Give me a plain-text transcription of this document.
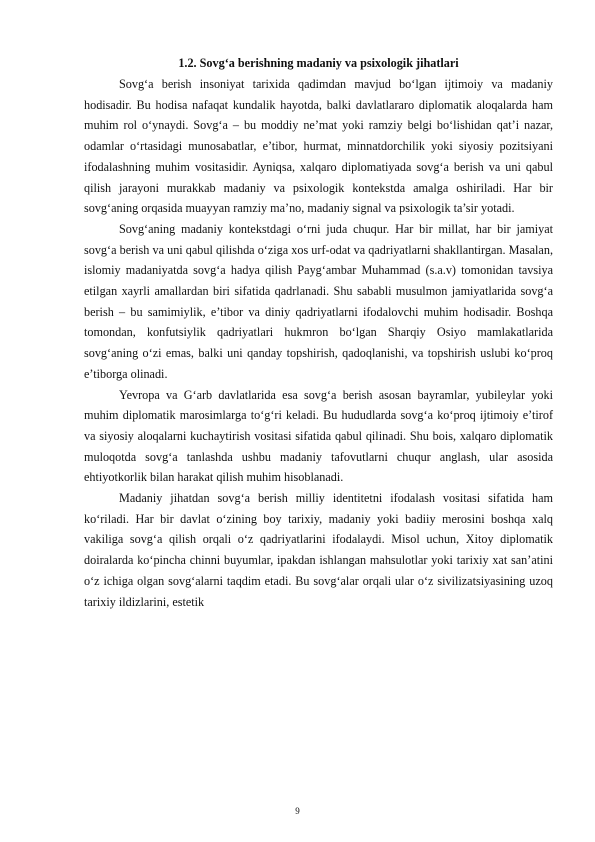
1.2. Sovg‘a berishning madaniy va psixologik jihatlari

Sovg‘a berish insoniyat tarixida qadimdan mavjud bo‘lgan ijtimoiy va madaniy hodisadir. Bu hodisa nafaqat kundalik hayotda, balki davlatlararo diplomatik aloqalarda ham muhim rol o‘ynaydi. Sovg‘a – bu moddiy ne’mat yoki ramziy belgi bo‘lishidan qat’i nazar, odamlar o‘rtasidagi munosabatlar, e’tibor, hurmat, minnatdorchilik yoki siyosiy pozitsiyani ifodalashning muhim vositasidir. Ayniqsa, xalqaro diplomatiyada sovg‘a berish va uni qabul qilish jarayoni murakkab madaniy va psixologik kontekstda amalga oshiriladi. Har bir sovg‘aning orqasida muayyan ramziy ma’no, madaniy signal va psixologik ta’sir yotadi.

Sovg‘aning madaniy kontekstdagi o‘rni juda chuqur. Har bir millat, har bir jamiyat sovg‘a berish va uni qabul qilishda o‘ziga xos urf-odat va qadriyatlarni shakllantirgan. Masalan, islomiy madaniyatda sovg‘a hadya qilish Payg‘ambar Muhammad (s.a.v) tomonidan tavsiya etilgan xayrli amallardan biri sifatida qadrlanadi. Shu sababli musulmon jamiyatlarida sovg‘a berish – bu samimiylik, e’tibor va diniy qadriyatlarni ifodalovchi muhim hodisadir. Boshqa tomondan, konfutsiylik qadriyatlari hukmron bo‘lgan Sharqiy Osiyo mamlakatlarida sovg‘aning o‘zi emas, balki uni qanday topshirish, qadoqlanishi, va topshirish uslubi ko‘proq e’tiborga olinadi.

Yevropa va G‘arb davlatlarida esa sovg‘a berish asosan bayramlar, yubileylar yoki muhim diplomatik marosimlarga to‘g‘ri keladi. Bu hududlarda sovg‘a ko‘proq ijtimoiy e’tirof va siyosiy aloqalarni kuchaytirish vositasi sifatida qabul qilinadi. Shu bois, xalqaro diplomatik muloqotda sovg‘a tanlashda ushbu madaniy tafovutlarni chuqur anglash, ular asosida ehtiyotkorlik bilan harakat qilish muhim hisoblanadi.

Madaniy jihatdan sovg‘a berish milliy identitetni ifodalash vositasi sifatida ham ko‘riladi. Har bir davlat o‘zining boy tarixiy, madaniy yoki badiiy merosini boshqa xalq vakiliga sovg‘a qilish orqali o‘z qadriyatlarini ifodalaydi. Misol uchun, Xitoy diplomatik doiralarda ko‘pincha chinni buyumlar, ipakdan ishlangan mahsulotlar yoki tarixiy xat san’atini o‘z ichiga olgan sovg‘alarni taqdim etadi. Bu sovg‘alar orqali ular o‘z sivilizatsiyasining uzoq tarixiy ildizlarini, estetik

9
